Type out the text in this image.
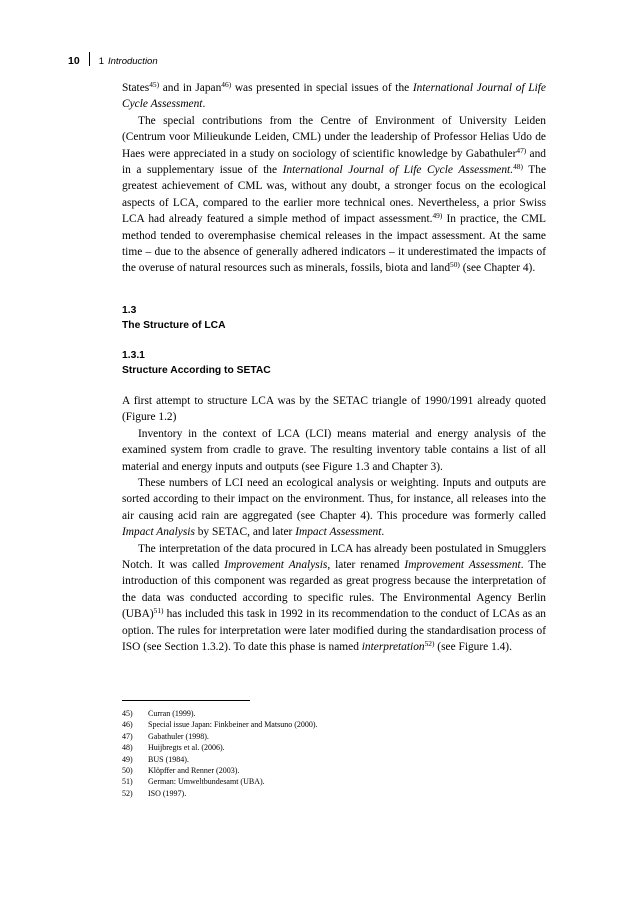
10 1 Introduction

States$^{45)}$ and in Japan$^{46)}$ was presented in special issues of the International Journal of Life Cycle Assessment.

The special contributions from the Centre of Environment of University Leiden (Centrum voor Milieukunde Leiden, CML) under the leadership of Professor Helias Udo de Haes were appreciated in a study on sociology of scientific knowledge by Gabathuler$^{47)}$ and in a supplementary issue of the International Journal of Life Cycle Assessment.$^{48)}$ The greatest achievement of CML was, without any doubt, a stronger focus on the ecological aspects of LCA, compared to the earlier more technical ones. Nevertheless, a prior Swiss LCA had already featured a simple method of impact assessment.$^{49)}$ In practice, the CML method tended to overemphasise chemical releases in the impact assessment. At the same time – due to the absence of generally adhered indicators – it underestimated the impacts of the overuse of natural resources such as minerals, fossils, biota and land$^{50)}$ (see Chapter 4).

1.3
The Structure of LCA
1.3.1
Structure According to SETAC

A first attempt to structure LCA was by the SETAC triangle of 1990/1991 already quoted (Figure 1.2)

Inventory in the context of LCA (LCI) means material and energy analysis of the examined system from cradle to grave. The resulting inventory table contains a list of all material and energy inputs and outputs (see Figure 1.3 and Chapter 3).

These numbers of LCI need an ecological analysis or weighting. Inputs and outputs are sorted according to their impact on the environment. Thus, for instance, all releases into the air causing acid rain are aggregated (see Chapter 4). This procedure was formerly called Impact Analysis by SETAC, and later Impact Assessment.

The interpretation of the data procured in LCA has already been postulated in Smugglers Notch. It was called Improvement Analysis, later renamed Improvement Assessment. The introduction of this component was regarded as great progress because the interpretation of the data was conducted according to specific rules. The Environmental Agency Berlin (UBA)$^{51)}$ has included this task in 1992 in its recommendation to the conduct of LCAs as an option. The rules for interpretation were later modified during the standardisation process of ISO (see Section 1.3.2). To date this phase is named interpretation$^{52)}$ (see Figure 1.4).

45)	Curran (1999).
46)	Special issue Japan: Finkbeiner and Matsuno (2000).
47)	Gabathuler (1998).
48)	Huijbregts et al. (2006).
49)	BUS (1984).
50)	Klöpffer and Renner (2003).
51)	German: Umweltbundesamt (UBA).
52)	ISO (1997).
